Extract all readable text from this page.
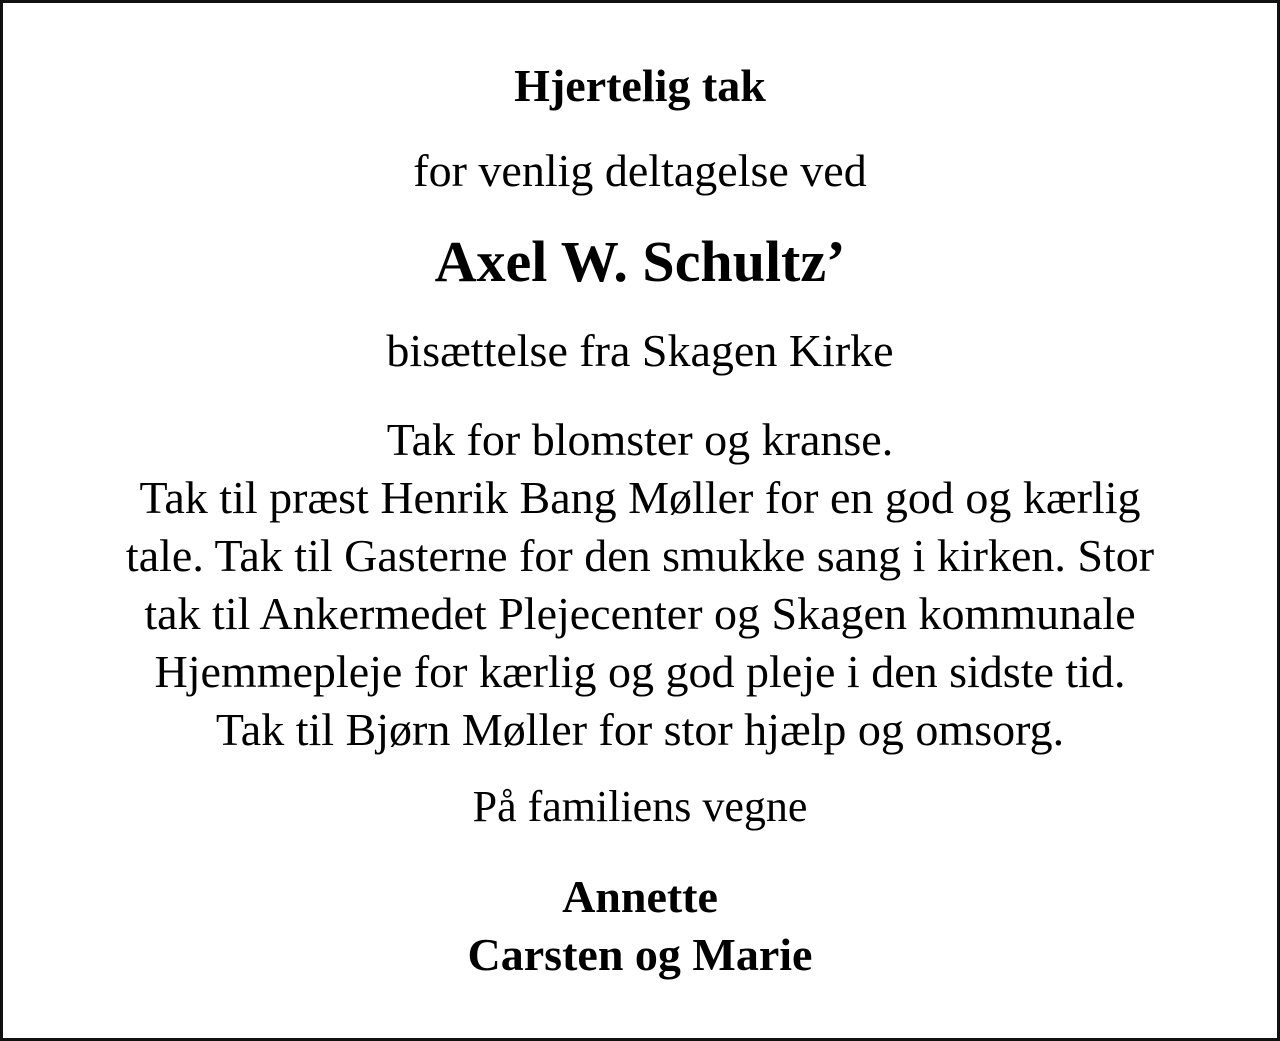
Hjertelig tak
for venlig deltagelse ved
Axel W. Schultz’
bisættelse fra Skagen Kirke
Tak for blomster og kranse.
Tak til præst Henrik Bang Møller for en god og kærlig
tale. Tak til Gasterne for den smukke sang i kirken. Stor
tak til Ankermedet Plejecenter og Skagen kommunale
Hjemmepleje for kærlig og god pleje i den sidste tid.
Tak til Bjørn Møller for stor hjælp og omsorg.
På familiens vegne
Annette
Carsten og Marie
